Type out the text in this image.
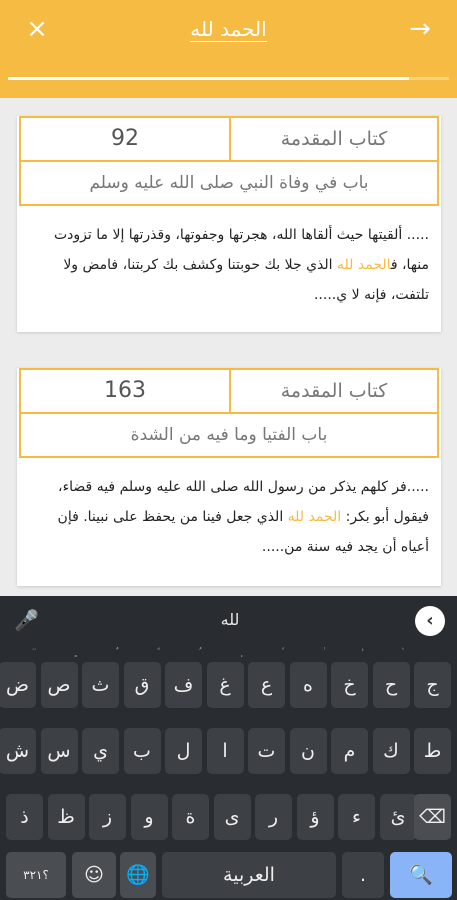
×	الحمد لله	→
92	كتاب المقدمة
باب في وفاة النبي صلى الله عليه وسلم
..... ألقيتها حيث ألقاها الله، هجرتها وجفوتها، وقذرتها إلا ما تزودت منها، فالحمد لله الذي جلا بك حوبتنا وكشف بك كربتنا، فامض ولا تلتفت، فإنه لا ي.....
163	كتاب المقدمة
باب الفتيا وما فيه من الشدة
.....فر كلهم يذكر من رسول الله صلى الله عليه وسلم فيه قضاء، فيقول أبو بكر: الحمد لله الذي جعل فينا من يحفظ على نبينا. فإن أعياه أن يجد فيه سنة من.....
🎤	لله	‹
ج
ح
`
خ
'
ه
ع
غ
ف
ق
ث
ص
ض
ط
ك
م
ن
ت
ا
ل
ب
ي
س
ش
ذ	ظ	ز	و	ة	ى	ر	ؤ	ء	ئ ⌫
؟٣٢١	☺	🌐	العربية	.	🔍
